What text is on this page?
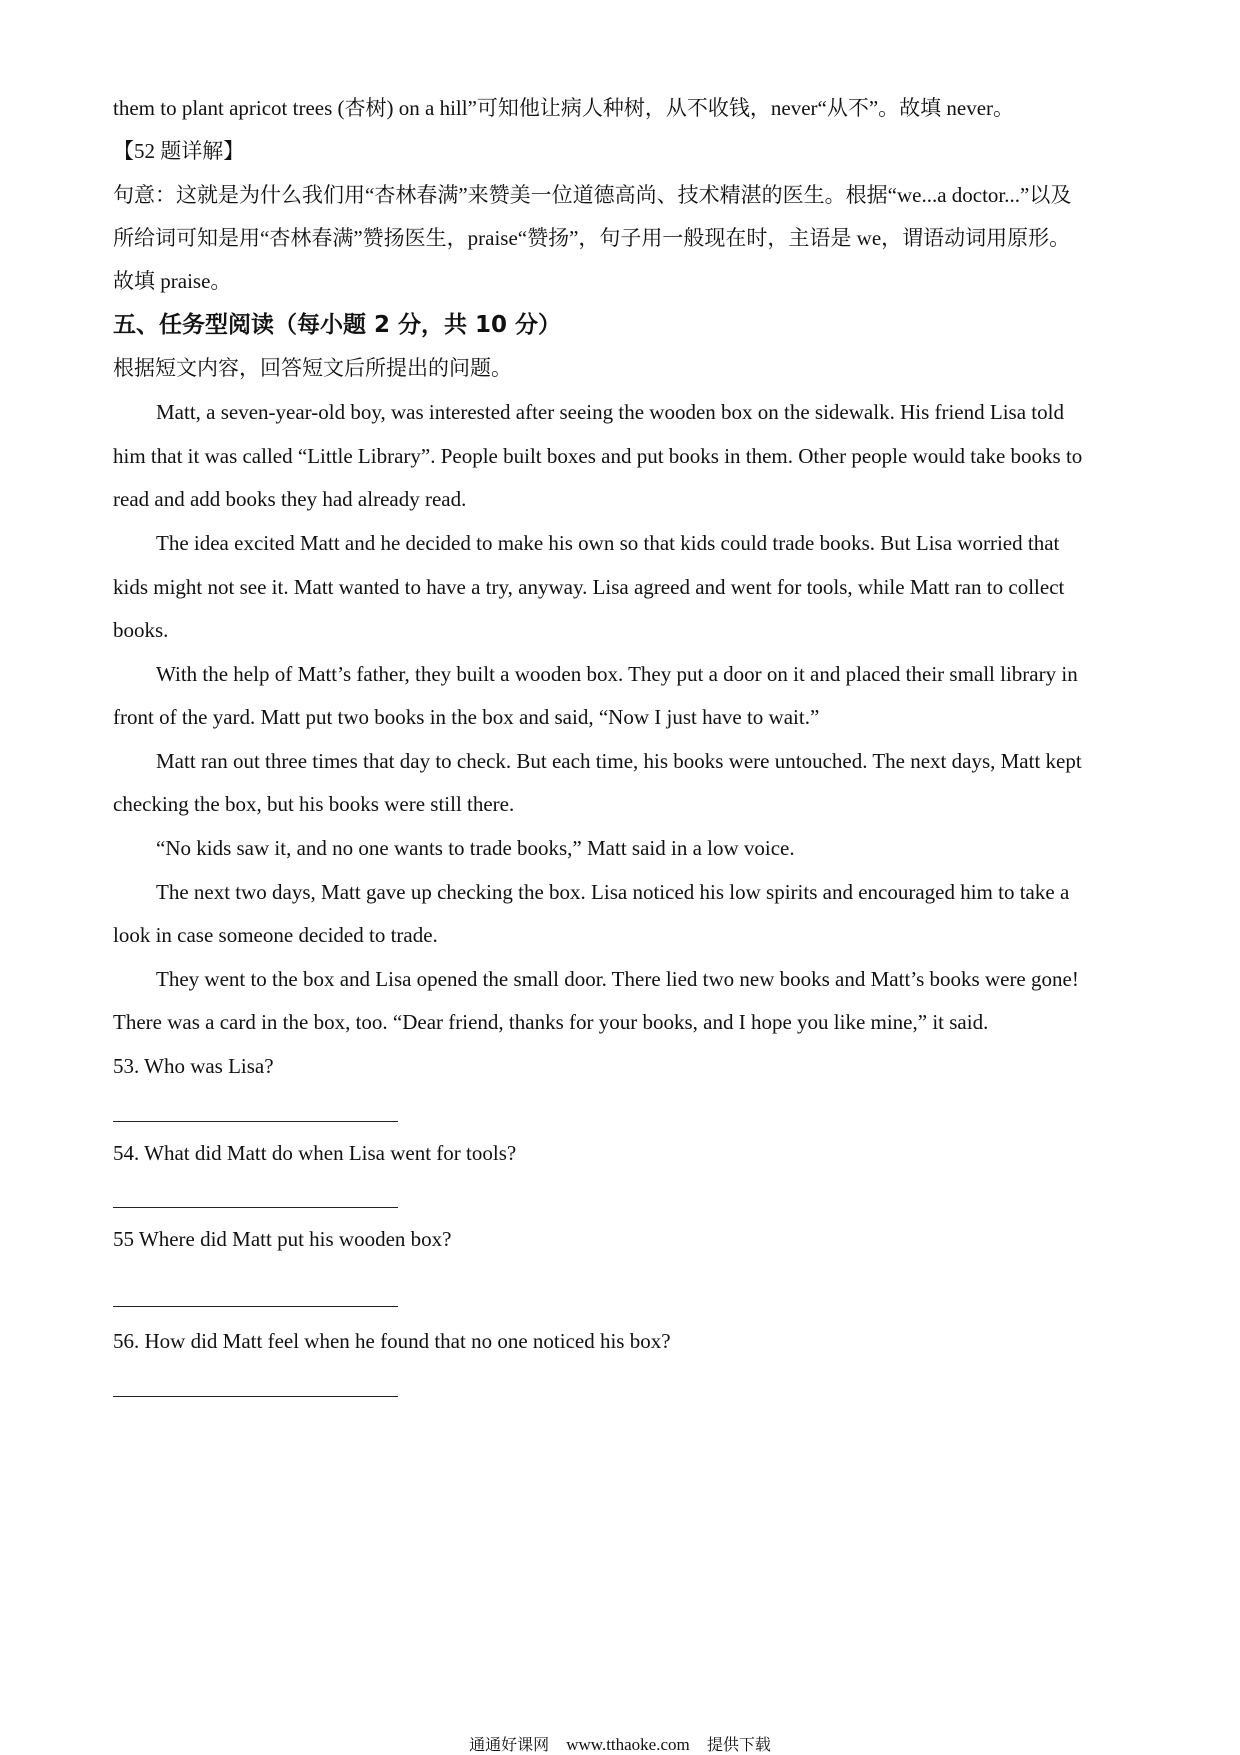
them to plant apricot trees (杏树) on a hill”可知他让病人种树，从不收钱，never“从不”。故填 never。
【52 题详解】
句意：这就是为什么我们用“杏林春满”来赞美一位道德高尚、技术精湛的医生。根据“we...a doctor...”以及
所给词可知是用“杏林春满”赞扬医生，praise“赞扬”，句子用一般现在时，主语是 we，谓语动词用原形。
故填 praise。
五、任务型阅读（每小题 2 分，共 10 分）
根据短文内容，回答短文后所提出的问题。
Matt, a seven-year-old boy, was interested after seeing the wooden box on the sidewalk. His friend Lisa told
him that it was called “Little Library”. People built boxes and put books in them. Other people would take books to
read and add books they had already read.
The idea excited Matt and he decided to make his own so that kids could trade books. But Lisa worried that
kids might not see it. Matt wanted to have a try, anyway. Lisa agreed and went for tools, while Matt ran to collect
books.
With the help of Matt’s father, they built a wooden box. They put a door on it and placed their small library in
front of the yard. Matt put two books in the box and said, “Now I just have to wait.”
Matt ran out three times that day to check. But each time, his books were untouched. The next days, Matt kept
checking the box, but his books were still there.
“No kids saw it, and no one wants to trade books,” Matt said in a low voice.
The next two days, Matt gave up checking the box. Lisa noticed his low spirits and encouraged him to take a
look in case someone decided to trade.
They went to the box and Lisa opened the small door. There lied two new books and Matt’s books were gone!
There was a card in the box, too. “Dear friend, thanks for your books, and I hope you like mine,” it said.
53. Who was Lisa?
54. What did Matt do when Lisa went for tools?
55 Where did Matt put his wooden box?
56. How did Matt feel when he found that no one noticed his box?
通通好课网 www.tthaoke.com 提供下载
